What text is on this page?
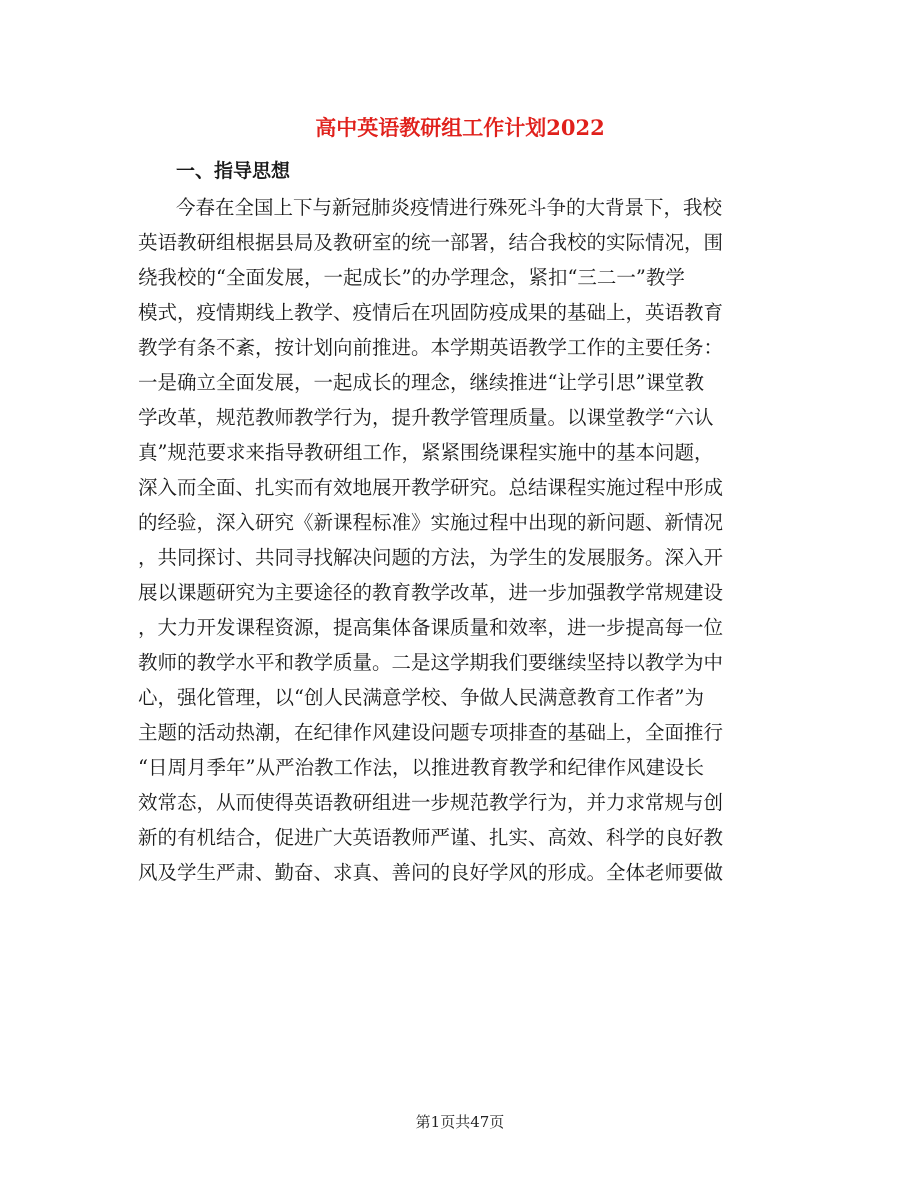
高中英语教研组工作计划2022
一、指导思想
今春在全国上下与新冠肺炎疫情进行殊死斗争的大背景下，我校
英语教研组根据县局及教研室的统一部署，结合我校的实际情况，围
绕我校的“全面发展，一起成长”的办学理念，紧扣“三二一”教学
模式，疫情期线上教学、疫情后在巩固防疫成果的基础上，英语教育
教学有条不紊，按计划向前推进。本学期英语教学工作的主要任务：
一是确立全面发展，一起成长的理念，继续推进“让学引思”课堂教
学改革，规范教师教学行为，提升教学管理质量。以课堂教学“六认
真”规范要求来指导教研组工作，紧紧围绕课程实施中的基本问题，
深入而全面、扎实而有效地展开教学研究。总结课程实施过程中形成
的经验，深入研究《新课程标准》实施过程中出现的新问题、新情况
，共同探讨、共同寻找解决问题的方法，为学生的发展服务。深入开
展以课题研究为主要途径的教育教学改革，进一步加强教学常规建设
，大力开发课程资源，提高集体备课质量和效率，进一步提高每一位
教师的教学水平和教学质量。二是这学期我们要继续坚持以教学为中
心，强化管理，以“创人民满意学校、争做人民满意教育工作者”为
主题的活动热潮，在纪律作风建设问题专项排查的基础上，全面推行
“日周月季年”从严治教工作法，以推进教育教学和纪律作风建设长
效常态，从而使得英语教研组进一步规范教学行为，并力求常规与创
新的有机结合，促进广大英语教师严谨、扎实、高效、科学的良好教
风及学生严肃、勤奋、求真、善问的良好学风的形成。全体老师要做
第1页共47页
